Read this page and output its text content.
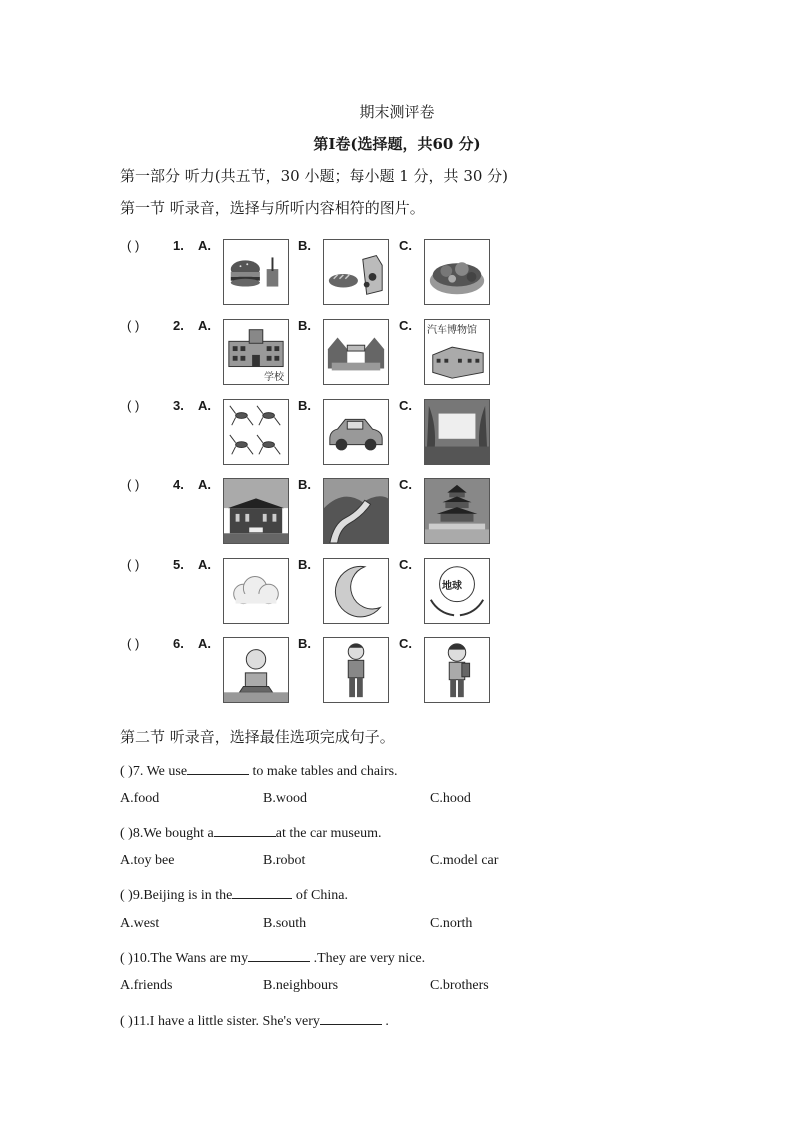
期末测评卷
第Ⅰ卷(选择题，共60 分)
第一部分 听力(共五节，30 小题；每小题 1 分，共 30 分)
第一节 听录音，选择与所听内容相符的图片。
( )	1. A.	B.	C.
( )	2. A.
学校
B.	C. 汽车博物馆
( )	3. A.	B.	C.
( )	4. A.	B.	C.
( )	5. A.	B.	C.
地球
( )	6. A.	B.	C.
第二节 听录音，选择最佳选项完成句子。
( )7. We use	to make tables and chairs.
A.food	B.wood	C.hood
( )8.We bought a	at the car museum.
A.toy bee	B.robot	C.model car
( )9.Beijing is in the	of China.
A.west	B.south	C.north
( )10.The Wans are my	.They are very nice.
A.friends	B.neighbours	C.brothers
( )11.I have a little sister. She's very	.
